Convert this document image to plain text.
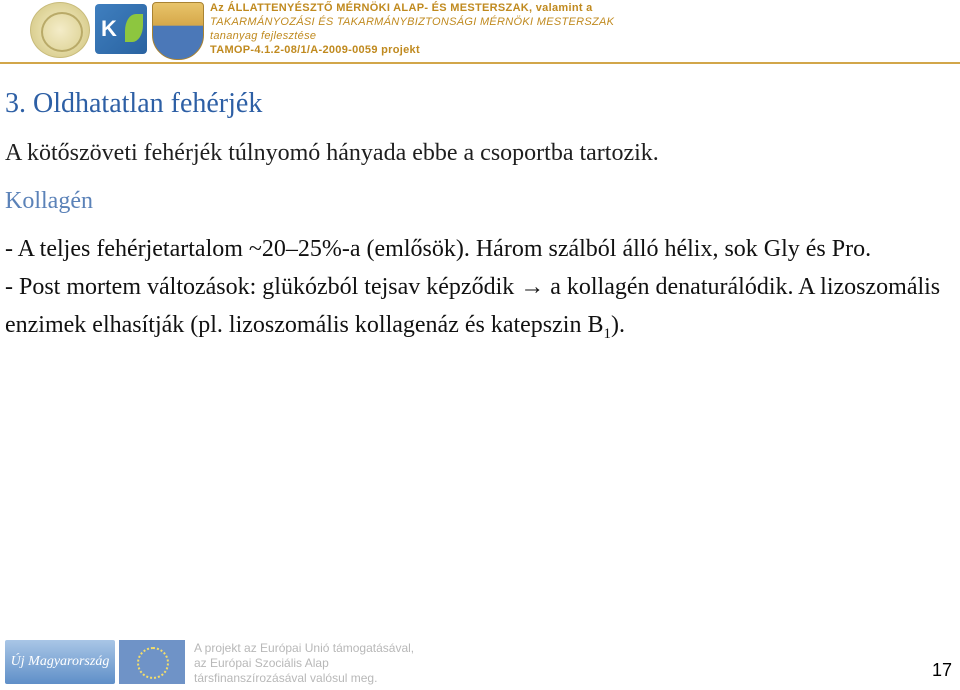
K
Az ÁLLATTENYÉSZTŐ MÉRNÖKI ALAP- ÉS MESTERSZAK, valamint a
TAKARMÁNYOZÁSI ÉS TAKARMÁNYBIZTONSÁGI MÉRNÖKI MESTERSZAK
tananyag fejlesztése
TAMOP-4.1.2-08/1/A-2009-0059 projekt
3. Oldhatatlan fehérjék

A kötőszöveti fehérjék túlnyomó hányada ebbe a csoportba tartozik.

Kollagén

- A teljes fehérjetartalom ~20–25%-a (emlősök). Három szálból álló hélix, sok Gly és Pro.

- Post mortem változások: glükózból tejsav képződik → a kollagén denaturálódik. A lizoszomális enzimek elhasítják (pl. lizoszomális kollagenáz és katepszin $B_1$).

Új Magyarország
A projekt az Európai Unió támogatásával,
az Európai Szociális Alap
társfinanszírozásával valósul meg.	17
